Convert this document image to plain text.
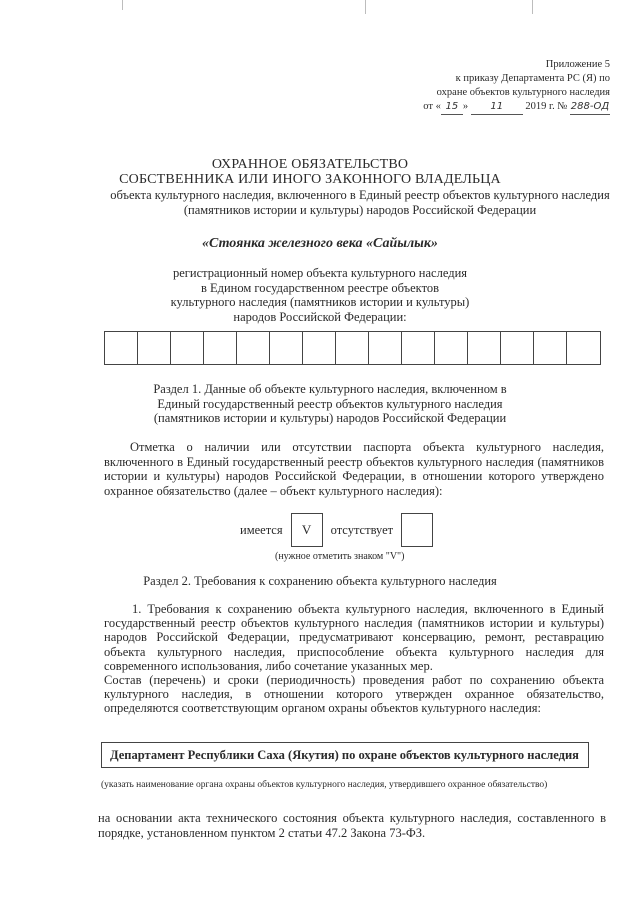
Приложение 5
к приказу Департамента РС (Я) по
охране объектов культурного наследия
от « 15 » 11 2019 г. № 288-ОД
ОХРАННОЕ ОБЯЗАТЕЛЬСТВО
СОБСТВЕННИКА ИЛИ ИНОГО ЗАКОННОГО ВЛАДЕЛЬЦА
объекта культурного наследия, включенного в Единый реестр объектов культурного наследия (памятников истории и культуры) народов Российской Федерации
«Стоянка железного века «Сайылык»
регистрационный номер объекта культурного наследия в Едином государственном реестре объектов культурного наследия (памятников истории и культуры) народов Российской Федерации:
Раздел 1. Данные об объекте культурного наследия, включенном в Единый государственный реестр объектов культурного наследия (памятников истории и культуры) народов Российской Федерации
Отметка о наличии или отсутствии паспорта объекта культурного наследия, включенного в Единый государственный реестр объектов культурного наследия (памятников истории и культуры) народов Российской Федерации, в отношении которого утверждено охранное обязательство (далее – объект культурного наследия):
имеется	V	отсутствует
(нужное отметить знаком "V")
Раздел 2. Требования к сохранению объекта культурного наследия

1. Требования к сохранению объекта культурного наследия, включенного в Единый государственный реестр объектов культурного наследия (памятников истории и культуры) народов Российской Федерации, предусматривают консервацию, ремонт, реставрацию объекта культурного наследия, приспособление объекта культурного наследия для современного использования, либо сочетание указанных мер.

Состав (перечень) и сроки (периодичность) проведения работ по сохранению объекта культурного наследия, в отношении которого утвержден охранное обязательство, определяются соответствующим органом охраны объектов культурного наследия:

Департамент Республики Саха (Якутия) по охране объектов культурного наследия
(указать наименование органа охраны объектов культурного наследия, утвердившего охранное обязательство)
на основании акта технического состояния объекта культурного наследия, составленного в порядке, установленном пунктом 2 статьи 47.2 Закона 73-ФЗ.
